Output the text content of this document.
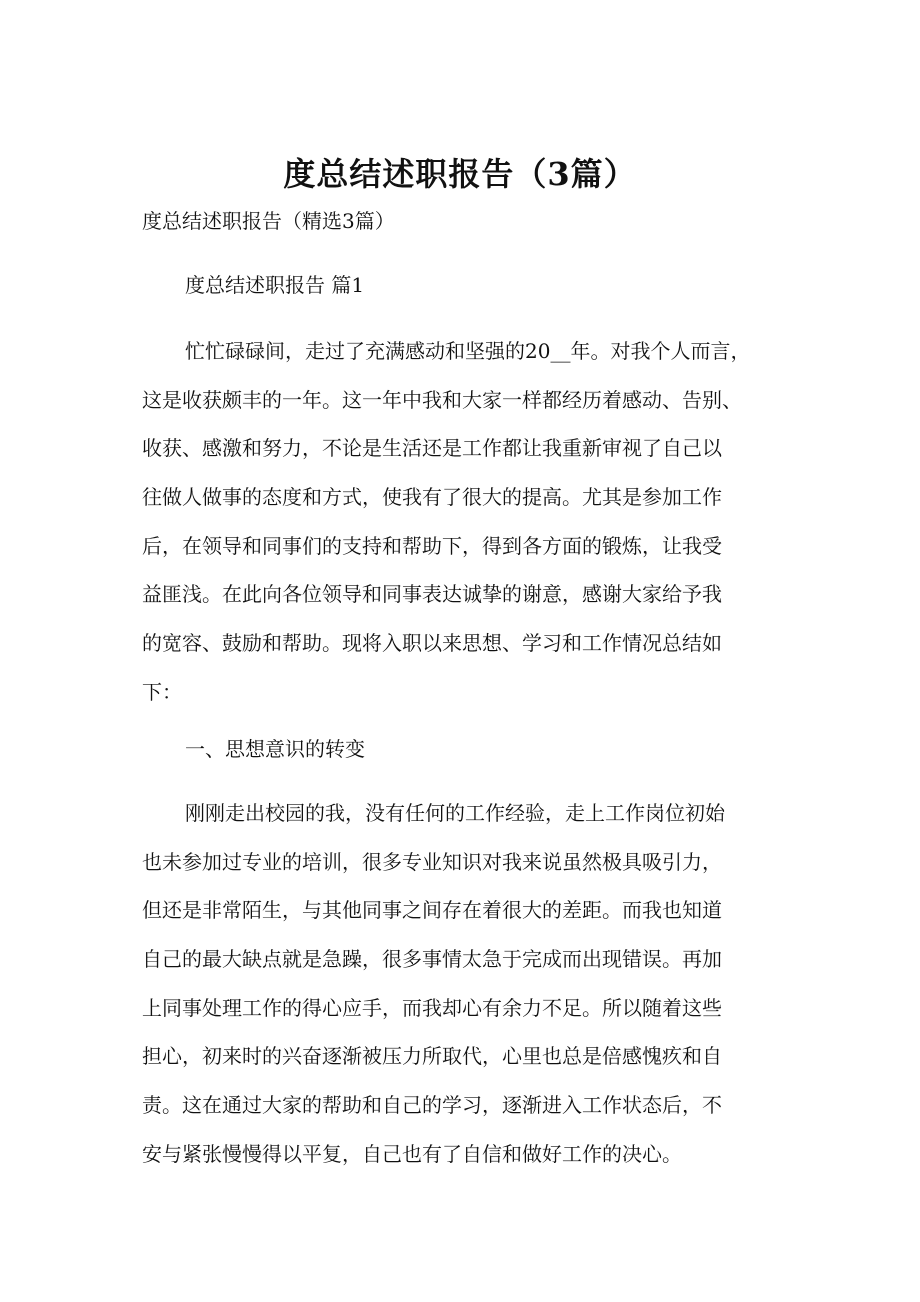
度总结述职报告（3篇）
度总结述职报告（精选3篇）
度总结述职报告 篇1
忙忙碌碌间，走过了充满感动和坚强的20__年。对我个人而言，
这是收获颇丰的一年。这一年中我和大家一样都经历着感动、告别、
收获、感激和努力，不论是生活还是工作都让我重新审视了自己以
往做人做事的态度和方式，使我有了很大的提高。尤其是参加工作
后，在领导和同事们的支持和帮助下，得到各方面的锻炼，让我受
益匪浅。在此向各位领导和同事表达诚挚的谢意，感谢大家给予我
的宽容、鼓励和帮助。现将入职以来思想、学习和工作情况总结如
下：
一、思想意识的转变
刚刚走出校园的我，没有任何的工作经验，走上工作岗位初始
也未参加过专业的培训，很多专业知识对我来说虽然极具吸引力，
但还是非常陌生，与其他同事之间存在着很大的差距。而我也知道
自己的最大缺点就是急躁，很多事情太急于完成而出现错误。再加
上同事处理工作的得心应手，而我却心有余力不足。所以随着这些
担心，初来时的兴奋逐渐被压力所取代，心里也总是倍感愧疚和自
责。这在通过大家的帮助和自己的学习，逐渐进入工作状态后，不
安与紧张慢慢得以平复，自己也有了自信和做好工作的决心。
